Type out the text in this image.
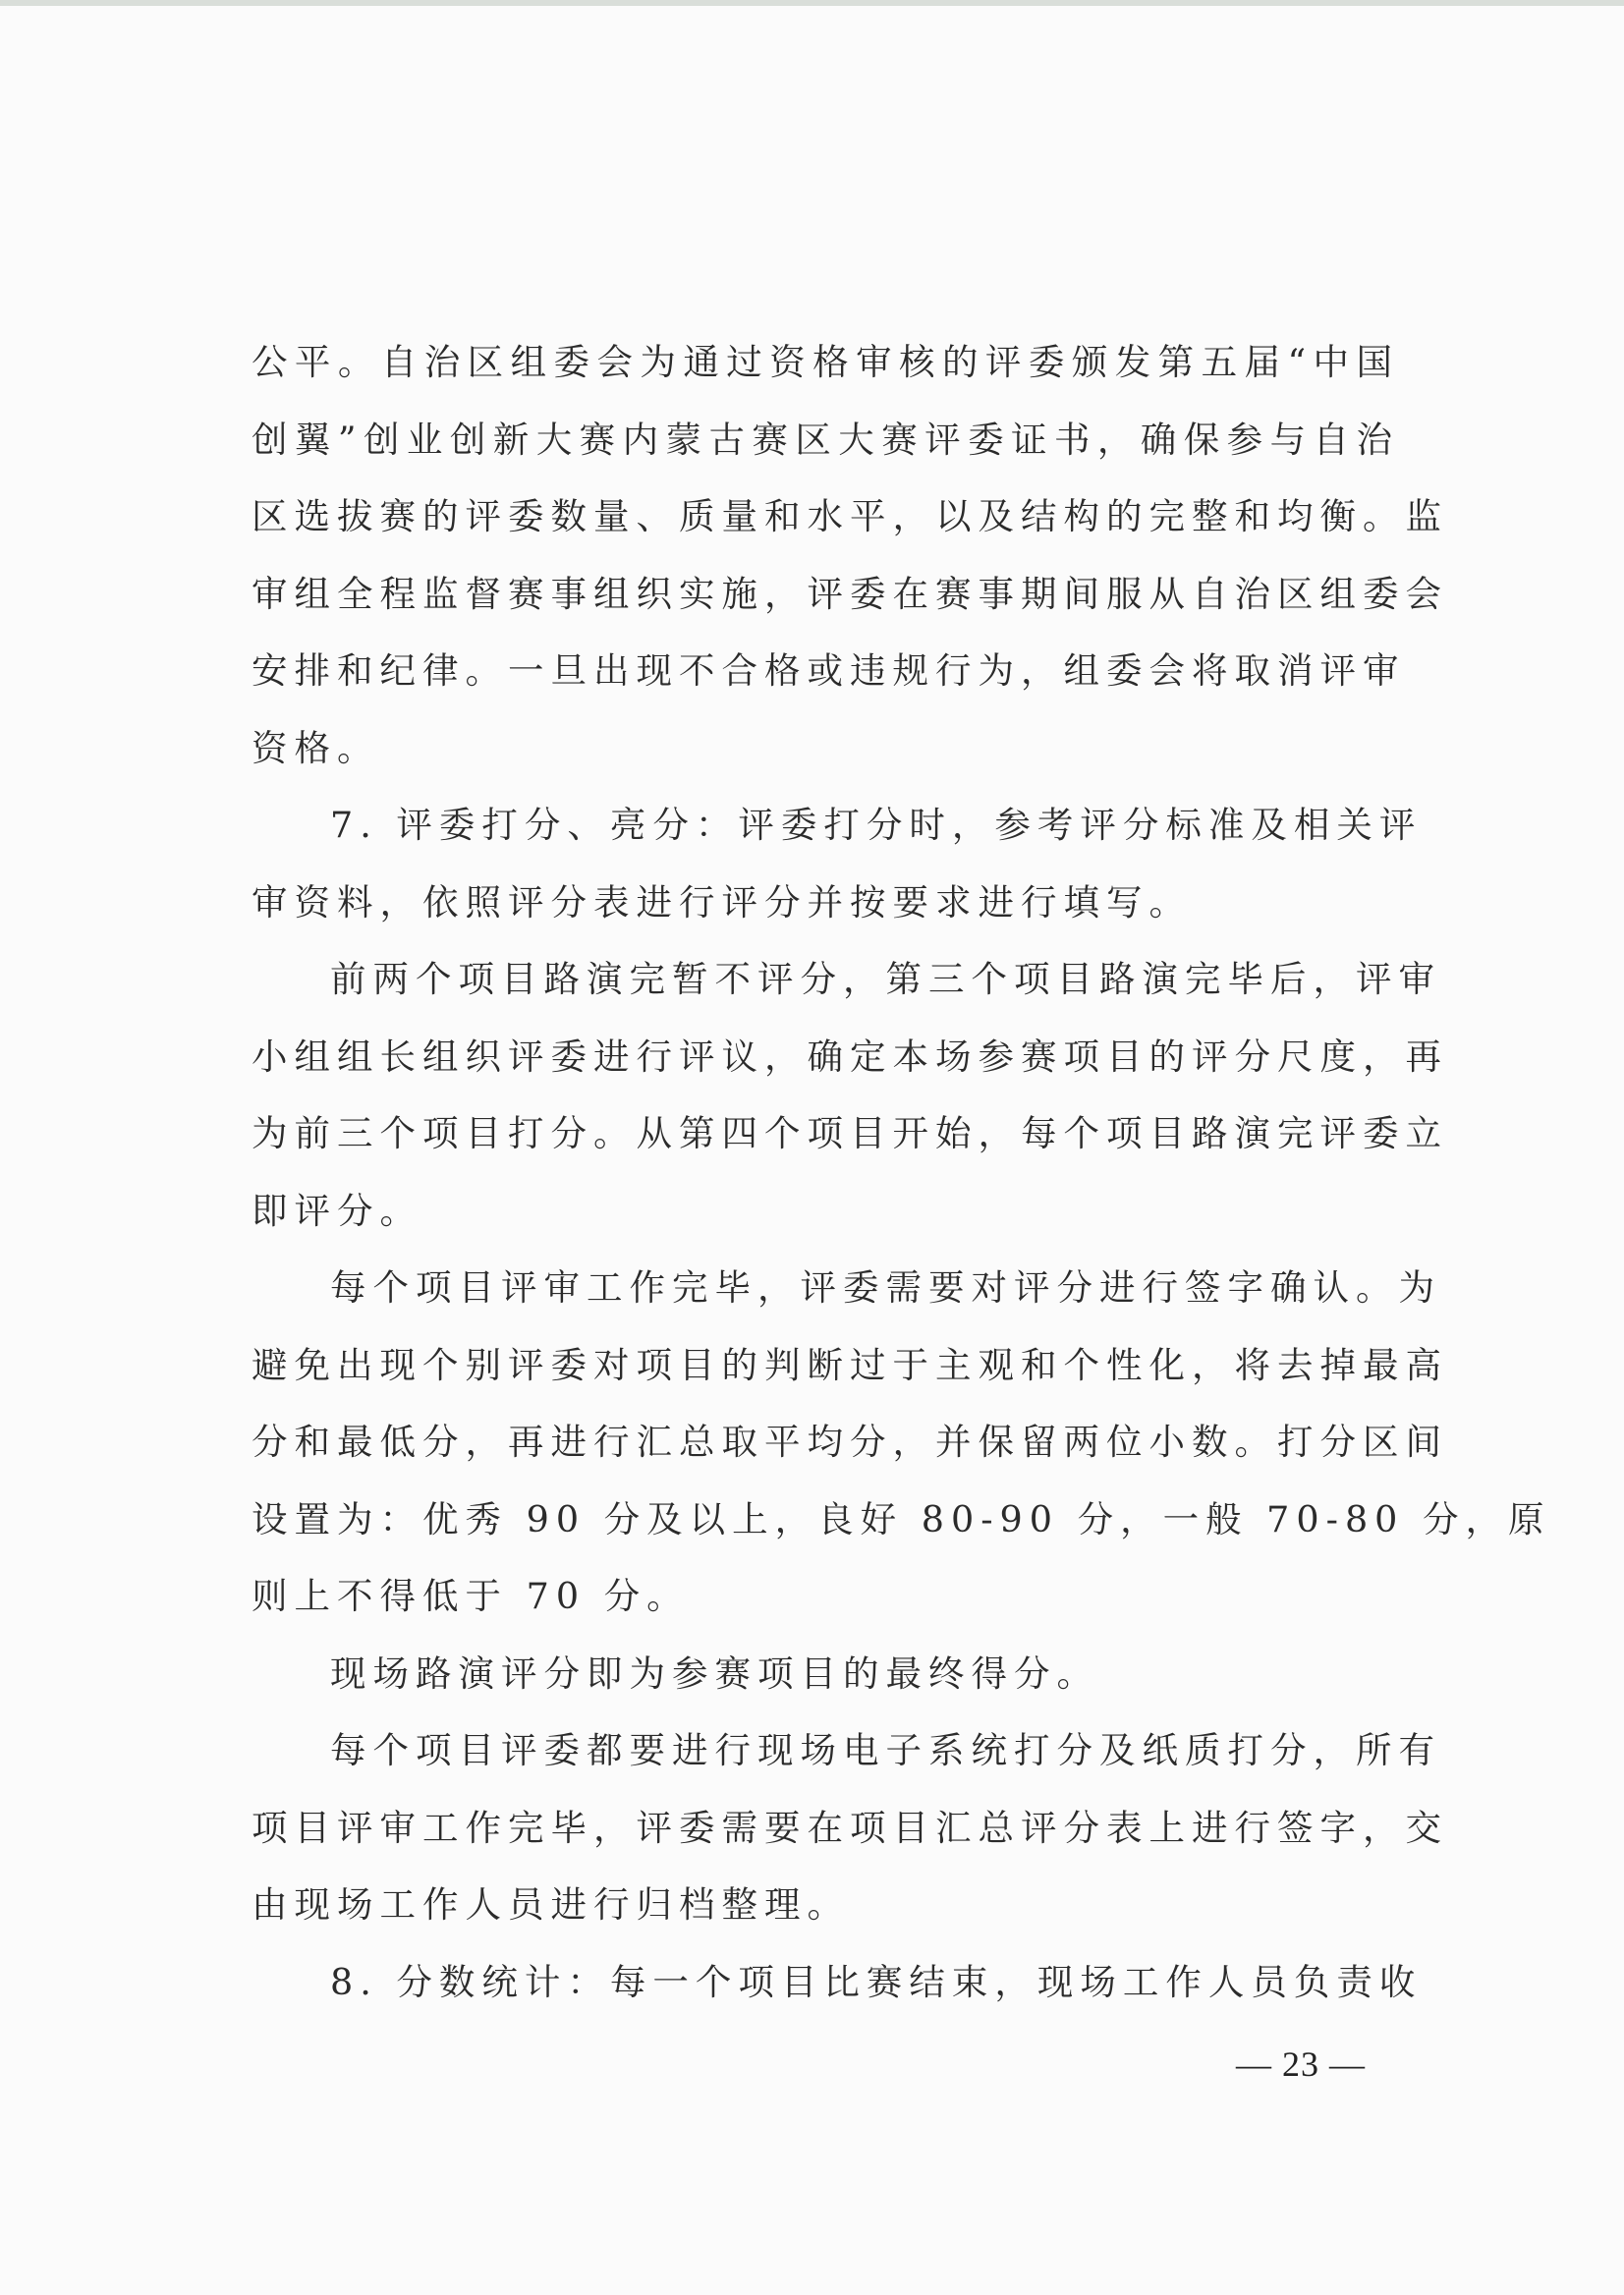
公平。自治区组委会为通过资格审核的评委颁发第五届“中国
创翼”创业创新大赛内蒙古赛区大赛评委证书，确保参与自治
区选拔赛的评委数量、质量和水平，以及结构的完整和均衡。监
审组全程监督赛事组织实施，评委在赛事期间服从自治区组委会
安排和纪律。一旦出现不合格或违规行为，组委会将取消评审
资格。
7. 评委打分、亮分：评委打分时，参考评分标准及相关评
审资料，依照评分表进行评分并按要求进行填写。
前两个项目路演完暂不评分，第三个项目路演完毕后，评审
小组组长组织评委进行评议，确定本场参赛项目的评分尺度，再
为前三个项目打分。从第四个项目开始，每个项目路演完评委立
即评分。
每个项目评审工作完毕，评委需要对评分进行签字确认。为
避免出现个别评委对项目的判断过于主观和个性化，将去掉最高
分和最低分，再进行汇总取平均分，并保留两位小数。打分区间
设置为：优秀 90 分及以上，良好 80-90 分，一般 70-80 分，原
则上不得低于 70 分。
现场路演评分即为参赛项目的最终得分。
每个项目评委都要进行现场电子系统打分及纸质打分，所有
项目评审工作完毕，评委需要在项目汇总评分表上进行签字，交
由现场工作人员进行归档整理。
8. 分数统计：每一个项目比赛结束，现场工作人员负责收
— 23 —
